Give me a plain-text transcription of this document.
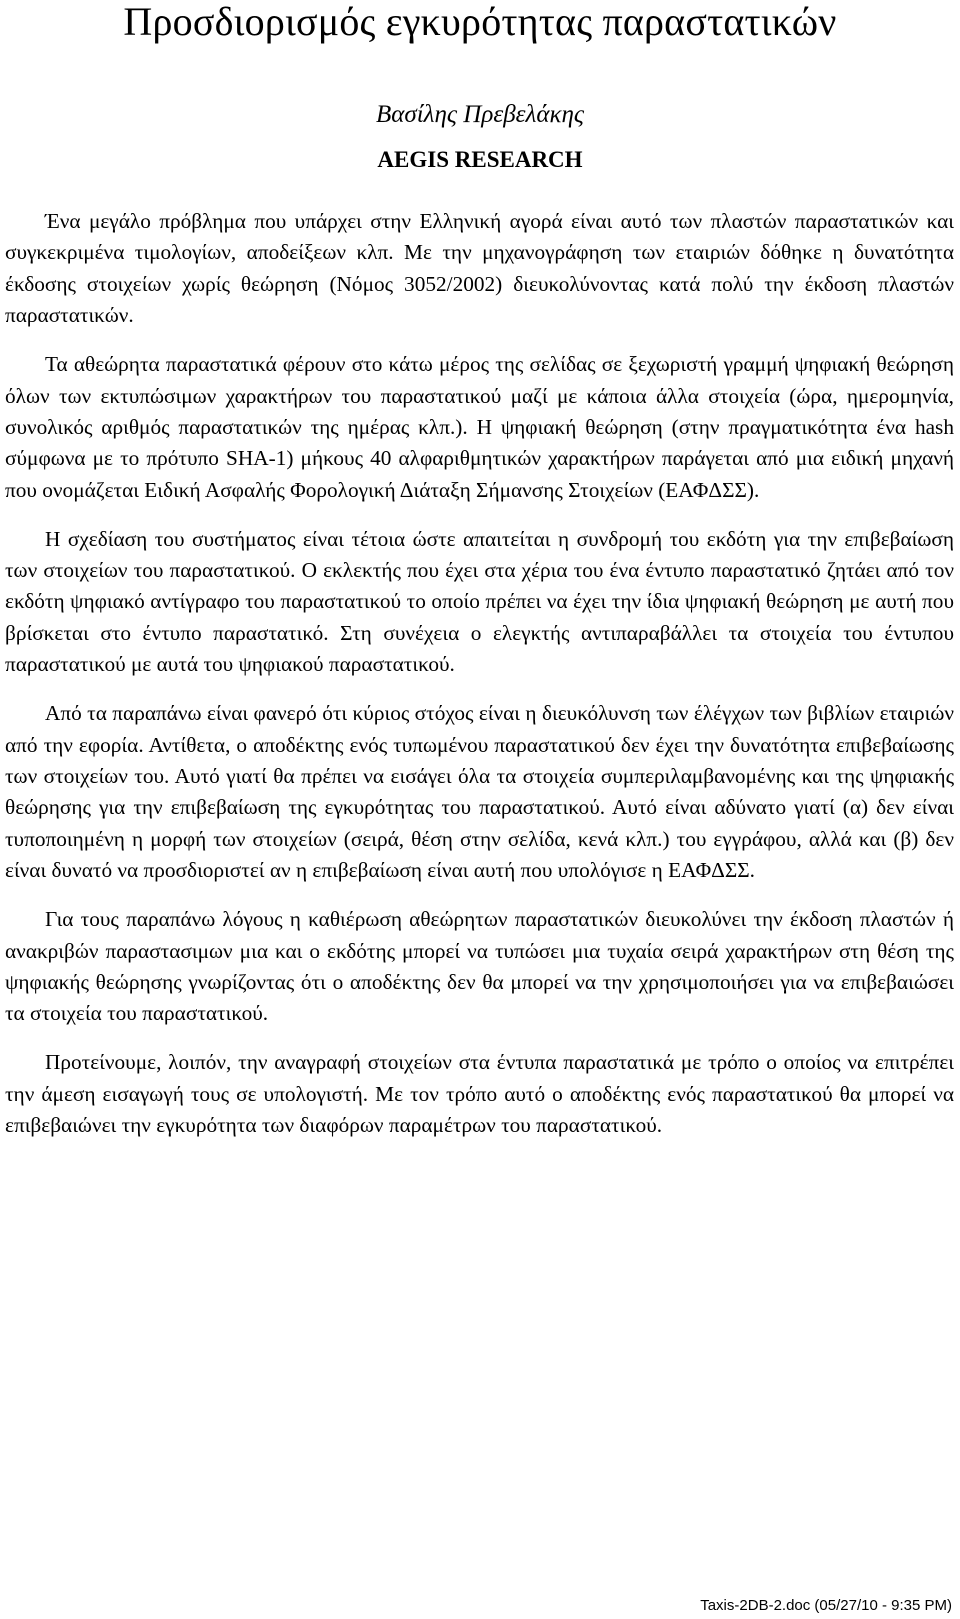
Προσδιορισμός εγκυρότητας παραστατικών
Βασίλης Πρεβελάκης
AEGIS RESEARCH

Ένα μεγάλο πρόβλημα που υπάρχει στην Ελληνική αγορά είναι αυτό των πλαστών παραστατικών και συγκεκριμένα τιμολογίων, αποδείξεων κλπ. Με την μηχανογράφηση των εταιριών δόθηκε η δυνατότητα έκδοσης στοιχείων χωρίς θεώρηση (Νόμος 3052/2002) διευκολύνοντας κατά πολύ την έκδοση πλαστών παραστατικών.

Τα αθεώρητα παραστατικά φέρουν στο κάτω μέρος της σελίδας σε ξεχωριστή γραμμή ψηφιακή θεώρηση όλων των εκτυπώσιμων χαρακτήρων του παραστατικού μαζί με κάποια άλλα στοιχεία (ώρα, ημερομηνία, συνολικός αριθμός παραστατικών της ημέρας κλπ.). Η ψηφιακή θεώρηση (στην πραγματικότητα ένα hash σύμφωνα με το πρότυπο SHA-1) μήκους 40 αλφαριθμητικών χαρακτήρων παράγεται από μια ειδική μηχανή που ονομάζεται Ειδική Ασφαλής Φορολογική Διάταξη Σήμανσης Στοιχείων (ΕΑΦΔΣΣ).

Η σχεδίαση του συστήματος είναι τέτοια ώστε απαιτείται η συνδρομή του εκδότη για την επιβεβαίωση των στοιχείων του παραστατικού. Ο εκλεκτής που έχει στα χέρια του ένα έντυπο παραστατικό ζητάει από τον εκδότη ψηφιακό αντίγραφο του παραστατικού το οποίο πρέπει να έχει την ίδια ψηφιακή θεώρηση με αυτή που βρίσκεται στο έντυπο παραστατικό. Στη συνέχεια ο ελεγκτής αντιπαραβάλλει τα στοιχεία του έντυπου παραστατικού με αυτά του ψηφιακού παραστατικού.

Από τα παραπάνω είναι φανερό ότι κύριος στόχος είναι η διευκόλυνση των έλέγχων των βιβλίων εταιριών από την εφορία. Αντίθετα, ο αποδέκτης ενός τυπωμένου παραστατικού δεν έχει την δυνατότητα επιβεβαίωσης των στοιχείων του. Αυτό γιατί θα πρέπει να εισάγει όλα τα στοιχεία συμπεριλαμβανομένης και της ψηφιακής θεώρησης για την επιβεβαίωση της εγκυρότητας του παραστατικού. Αυτό είναι αδύνατο γιατί (α) δεν είναι τυποποιημένη η μορφή των στοιχείων (σειρά, θέση στην σελίδα, κενά κλπ.) του εγγράφου, αλλά και (β) δεν είναι δυνατό να προσδιοριστεί αν η επιβεβαίωση είναι αυτή που υπολόγισε η ΕΑΦΔΣΣ.

Για τους παραπάνω λόγους η καθιέρωση αθεώρητων παραστατικών διευκολύνει την έκδοση πλαστών ή ανακριβών παραστασιμων μια και ο εκδότης μπορεί να τυπώσει μια τυχαία σειρά χαρακτήρων στη θέση της ψηφιακής θεώρησης γνωρίζοντας ότι ο αποδέκτης δεν θα μπορεί να την χρησιμοποιήσει για να επιβεβαιώσει τα στοιχεία του παραστατικού.

Προτείνουμε, λοιπόν, την αναγραφή στοιχείων στα έντυπα παραστατικά με τρόπο ο οποίος να επιτρέπει την άμεση εισαγωγή τους σε υπολογιστή. Με τον τρόπο αυτό ο αποδέκτης ενός παραστατικού θα μπορεί να επιβεβαιώνει την εγκυρότητα των διαφόρων παραμέτρων του παραστατικού.

Taxis-2DB-2.doc (05/27/10 - 9:35 PM)
